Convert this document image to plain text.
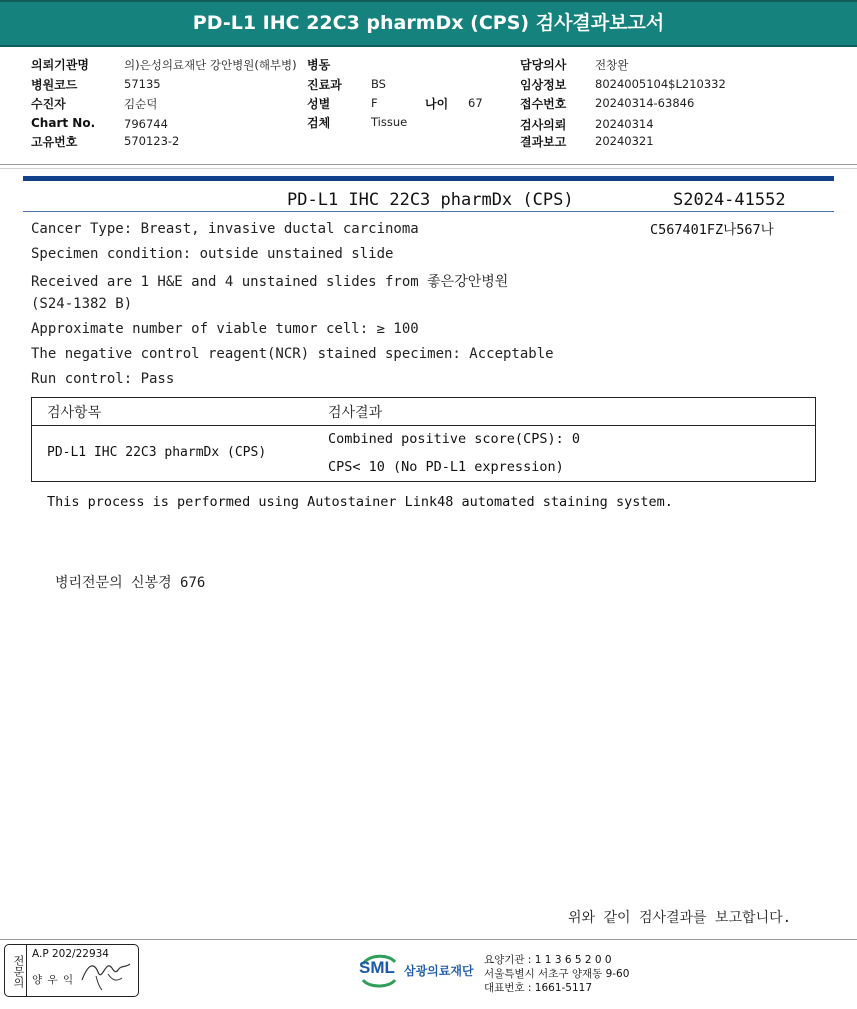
PD-L1 IHC 22C3 pharmDx (CPS) 검사결과보고서
의뢰기관명	의)은성의료재단 강안병원(해부병) 병동
병원코드	57135
수진자	김순덕
Chart No.	796744
고유번호	570123-2
진료과	BS
성별	F	나이 67
검체	Tissue
담당의사 전창완
임상정보 8024005104$L210332
접수번호 20240314-63846
검사의뢰 20240314
결과보고 20240321
PD-L1 IHC 22C3 pharmDx (CPS)	S2024-41552
C567401FZ나567나
Cancer Type: Breast, invasive ductal carcinoma
Specimen condition: outside unstained slide
Received are 1 H&E and 4 unstained slides from 좋은강안병원
(S24-1382 B)
Approximate number of viable tumor cell: ≥ 100
The negative control reagent(NCR) stained specimen: Acceptable
Run control: Pass
검사항목	검사결과
PD-L1 IHC 22C3 pharmDx (CPS)
Combined positive score(CPS): 0
CPS< 10 (No PD-L1 expression)
This process is performed using Autostainer Link48 automated staining system.
병리전문의 신봉경 676
위와 같이 검사결과를 보고합니다.
전문의
A.P 202/22934
양 우 익
SML 삼광의료재단
요양기관 : 1 1 3 6 5 2 0 0
서울특별시 서초구 양재동 9-60
대표번호 : 1661-5117
